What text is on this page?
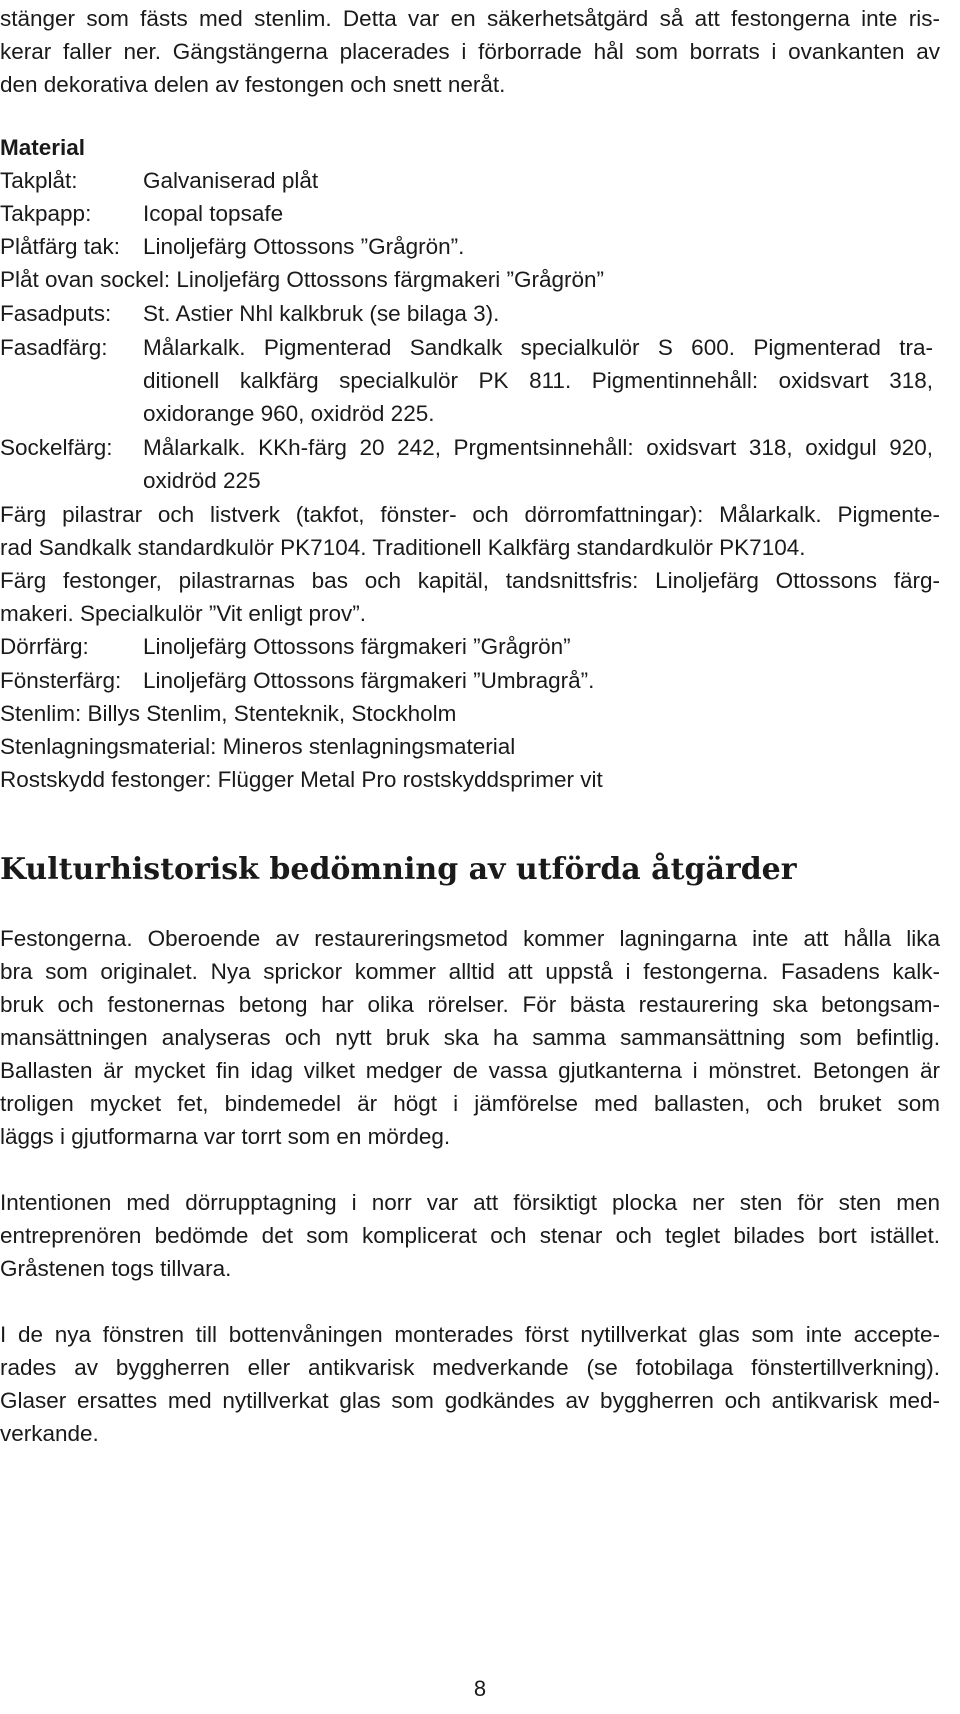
stänger som fästs med stenlim. Detta var en säkerhetsåtgärd så att festongerna inte ris-
kerar faller ner. Gängstängerna placerades i förborrade hål som borrats i ovankanten av
den dekorativa delen av festongen och snett neråt.
Material
Takplåt:	Galvaniserad plåt
Takpapp: Icopal topsafe
Plåtfärg tak: Linoljefärg Ottossons ”Grågrön”.
Plåt ovan sockel: Linoljefärg Ottossons färgmakeri ”Grågrön”
Fasadputs: St. Astier Nhl kalkbruk (se bilaga 3).
Fasadfärg: Målarkalk. Pigmenterad Sandkalk specialkulör S 600. Pigmenterad tra-
ditionell kalkfärg specialkulör PK 811. Pigmentinnehåll: oxidsvart 318,
oxidorange 960, oxidröd 225.
Sockelfärg: Målarkalk. KKh-färg 20 242, Prgmentsinnehåll: oxidsvart 318, oxidgul 920,
oxidröd 225
Färg pilastrar och listverk (takfot, fönster- och dörromfattningar): Målarkalk. Pigmente-
rad Sandkalk standardkulör PK7104. Traditionell Kalkfärg standardkulör PK7104.
Färg festonger, pilastrarnas bas och kapitäl, tandsnittsfris: Linoljefärg Ottossons färg-
makeri. Specialkulör ”Vit enligt prov”.
Dörrfärg: Linoljefärg Ottossons färgmakeri ”Grågrön”
Fönsterfärg: Linoljefärg Ottossons färgmakeri ”Umbragrå”.
Stenlim: Billys Stenlim, Stenteknik, Stockholm
Stenlagningsmaterial: Mineros stenlagningsmaterial
Rostskydd festonger: Flügger Metal Pro rostskyddsprimer vit
Kulturhistorisk bedömning av utförda åtgärder
Festongerna. Oberoende av restaureringsmetod kommer lagningarna inte att hålla lika
bra som originalet. Nya sprickor kommer alltid att uppstå i festongerna. Fasadens kalk-
bruk och festonernas betong har olika rörelser. För bästa restaurering ska betongsam-
mansättningen analyseras och nytt bruk ska ha samma sammansättning som befintlig.
Ballasten är mycket fin idag vilket medger de vassa gjutkanterna i mönstret. Betongen är
troligen mycket fet, bindemedel är högt i jämförelse med ballasten, och bruket som
läggs i gjutformarna var torrt som en mördeg.
Intentionen med dörrupptagning i norr var att försiktigt plocka ner sten för sten men
entreprenören bedömde det som komplicerat och stenar och teglet bilades bort istället.
Gråstenen togs tillvara.
I de nya fönstren till bottenvåningen monterades först nytillverkat glas som inte accepte-
rades av byggherren eller antikvarisk medverkande (se fotobilaga fönstertillverkning).
Glaser ersattes med nytillverkat glas som godkändes av byggherren och antikvarisk med-
verkande.
8
